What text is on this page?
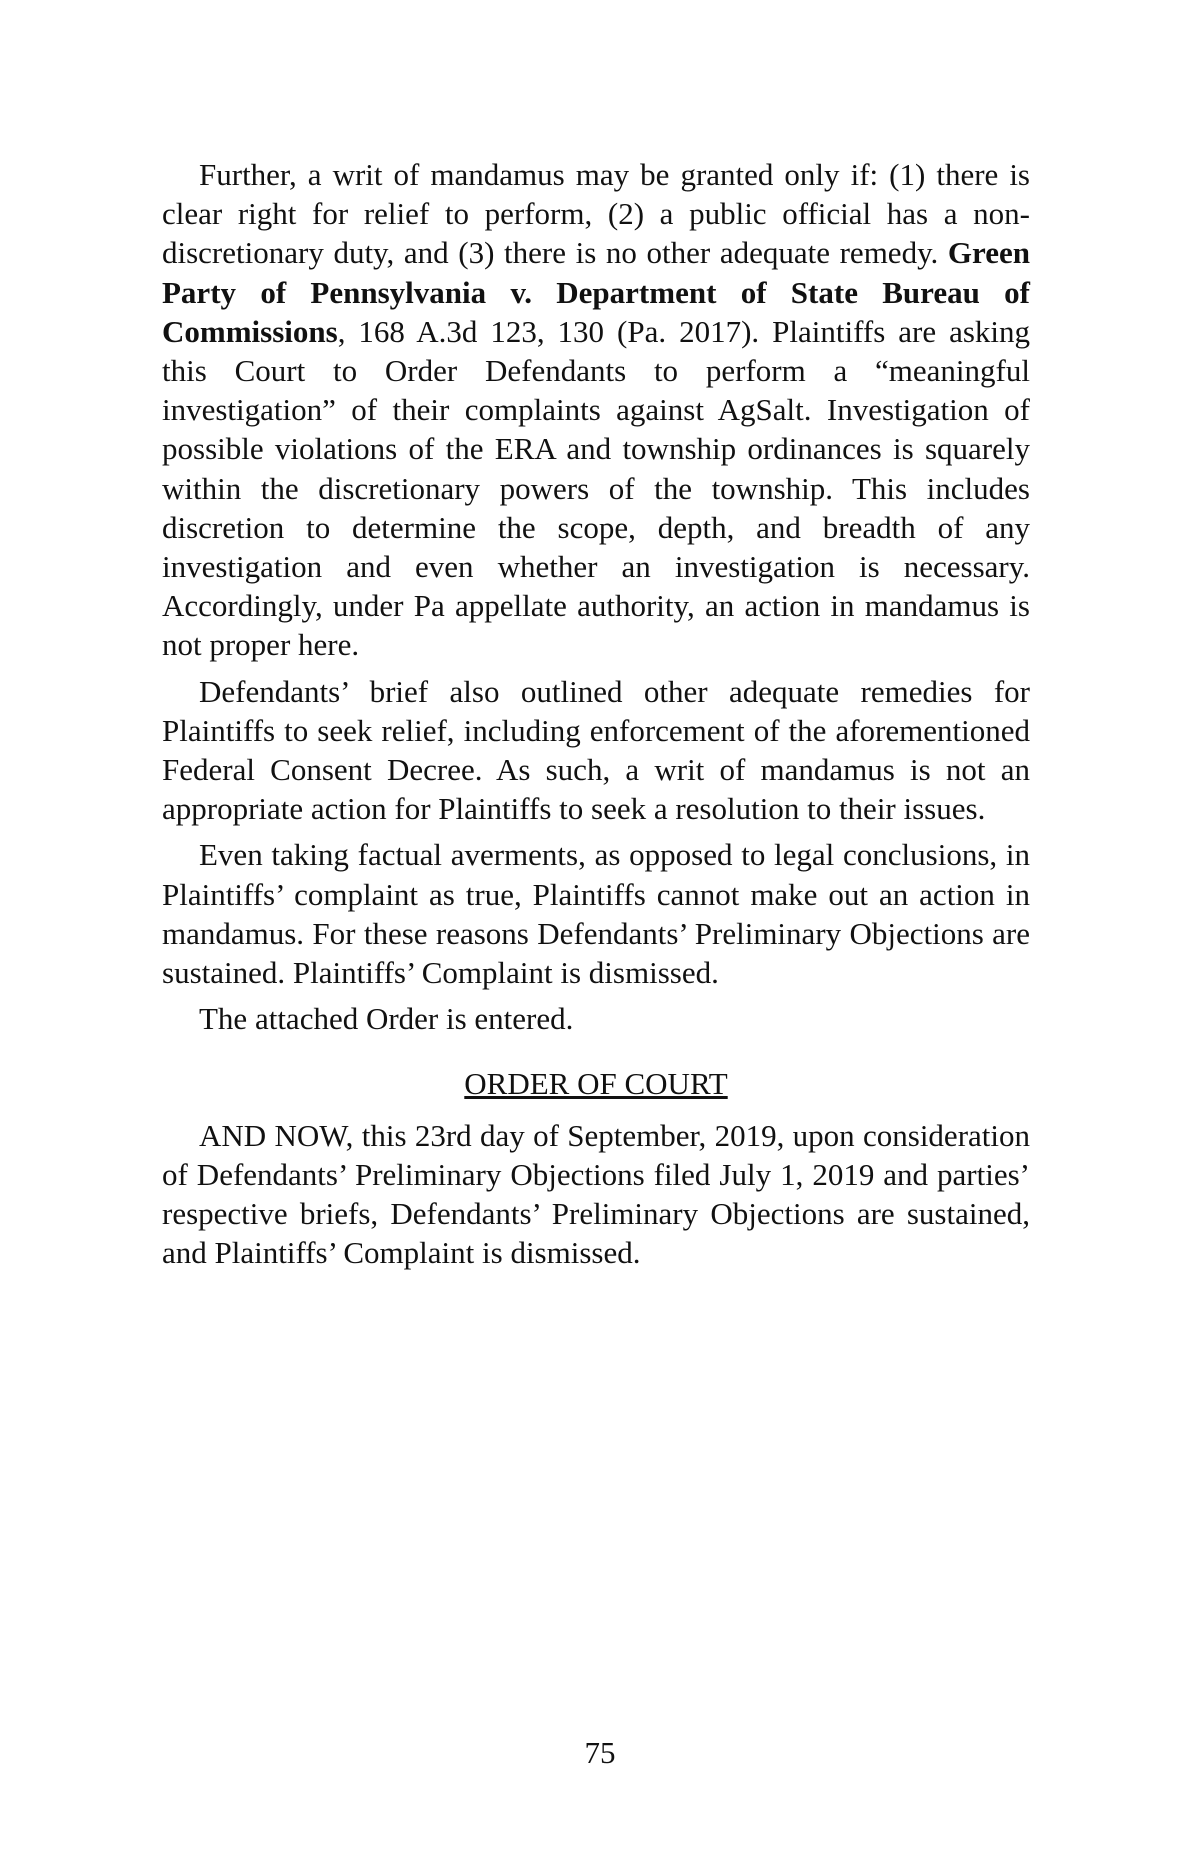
Further, a writ of mandamus may be granted only if: (1) there is clear right for relief to perform, (2) a public official has a non-discretionary duty, and (3) there is no other adequate remedy. Green Party of Pennsylvania v. Department of State Bureau of Commissions, 168 A.3d 123, 130 (Pa. 2017). Plaintiffs are asking this Court to Order Defendants to perform a “meaningful investigation” of their complaints against AgSalt. Investigation of possible violations of the ERA and township ordinances is squarely within the discretionary powers of the township. This includes discretion to determine the scope, depth, and breadth of any investigation and even whether an investigation is necessary. Accordingly, under Pa appellate authority, an action in mandamus is not proper here.

Defendants’ brief also outlined other adequate remedies for Plaintiffs to seek relief, including enforcement of the aforementioned Federal Consent Decree. As such, a writ of mandamus is not an appropriate action for Plaintiffs to seek a resolution to their issues.

Even taking factual averments, as opposed to legal conclusions, in Plaintiffs’ complaint as true, Plaintiffs cannot make out an action in mandamus. For these reasons Defendants’ Preliminary Objections are sustained. Plaintiffs’ Complaint is dismissed.

The attached Order is entered.

ORDER OF COURT

AND NOW, this 23rd day of September, 2019, upon consideration of Defendants’ Preliminary Objections filed July 1, 2019 and parties’ respective briefs, Defendants’ Preliminary Objections are sustained, and Plaintiffs’ Complaint is dismissed.

75
